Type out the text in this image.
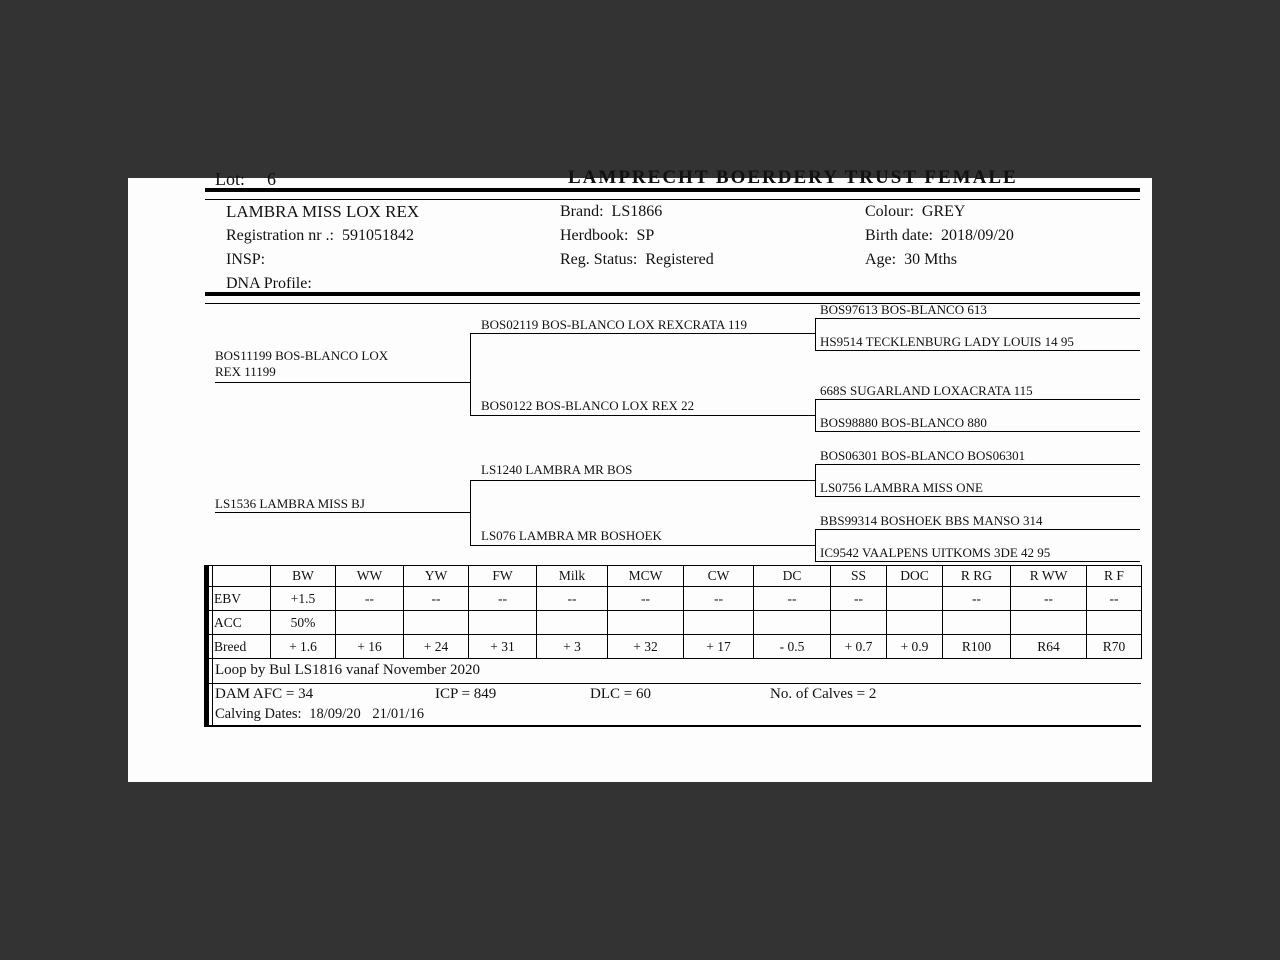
Lot: 6	LAMPRECHT BOERDERY TRUST FEMALE
LAMBRA MISS LOX REX
Registration nr .: 591051842
INSP:
DNA Profile:
Brand: LS1866
Herdbook: SP
Reg. Status: Registered
Colour: GREY
Birth date: 2018/09/20
Age: 30 Mths
BOS11199 BOS-BLANCO LOX REX 11199
LS1536 LAMBRA MISS BJ
BOS02119 BOS-BLANCO LOX REXCRATA 119
BOS0122 BOS-BLANCO LOX REX 22
LS1240 LAMBRA MR BOS
LS076 LAMBRA MR BOSHOEK
BOS97613 BOS-BLANCO 613
HS9514 TECKLENBURG LADY LOUIS 14 95
668S SUGARLAND LOXACRATA 115
BOS98880 BOS-BLANCO 880
BOS06301 BOS-BLANCO BOS06301
LS0756 LAMBRA MISS ONE
BBS99314 BOSHOEK BBS MANSO 314
IC9542 VAALPENS UITKOMS 3DE 42 95
	BW	WW	YW	FW	Milk	MCW	CW	DC	SS	DOC	R RG	R WW	R F
EBV	+1.5	--	--	--	--	--	--	--	--		--	--	--
ACC	50%												
Breed	+ 1.6	+ 16	+ 24	+ 31	+ 3	+ 32	+ 17	- 0.5	+ 0.7	+ 0.9	R100	R64	R70
Loop by Bul LS1816 vanaf November 2020
DAM AFC = 34	ICP = 849	DLC = 60	No. of Calves = 2
Calving Dates: 18/09/20 21/01/16
